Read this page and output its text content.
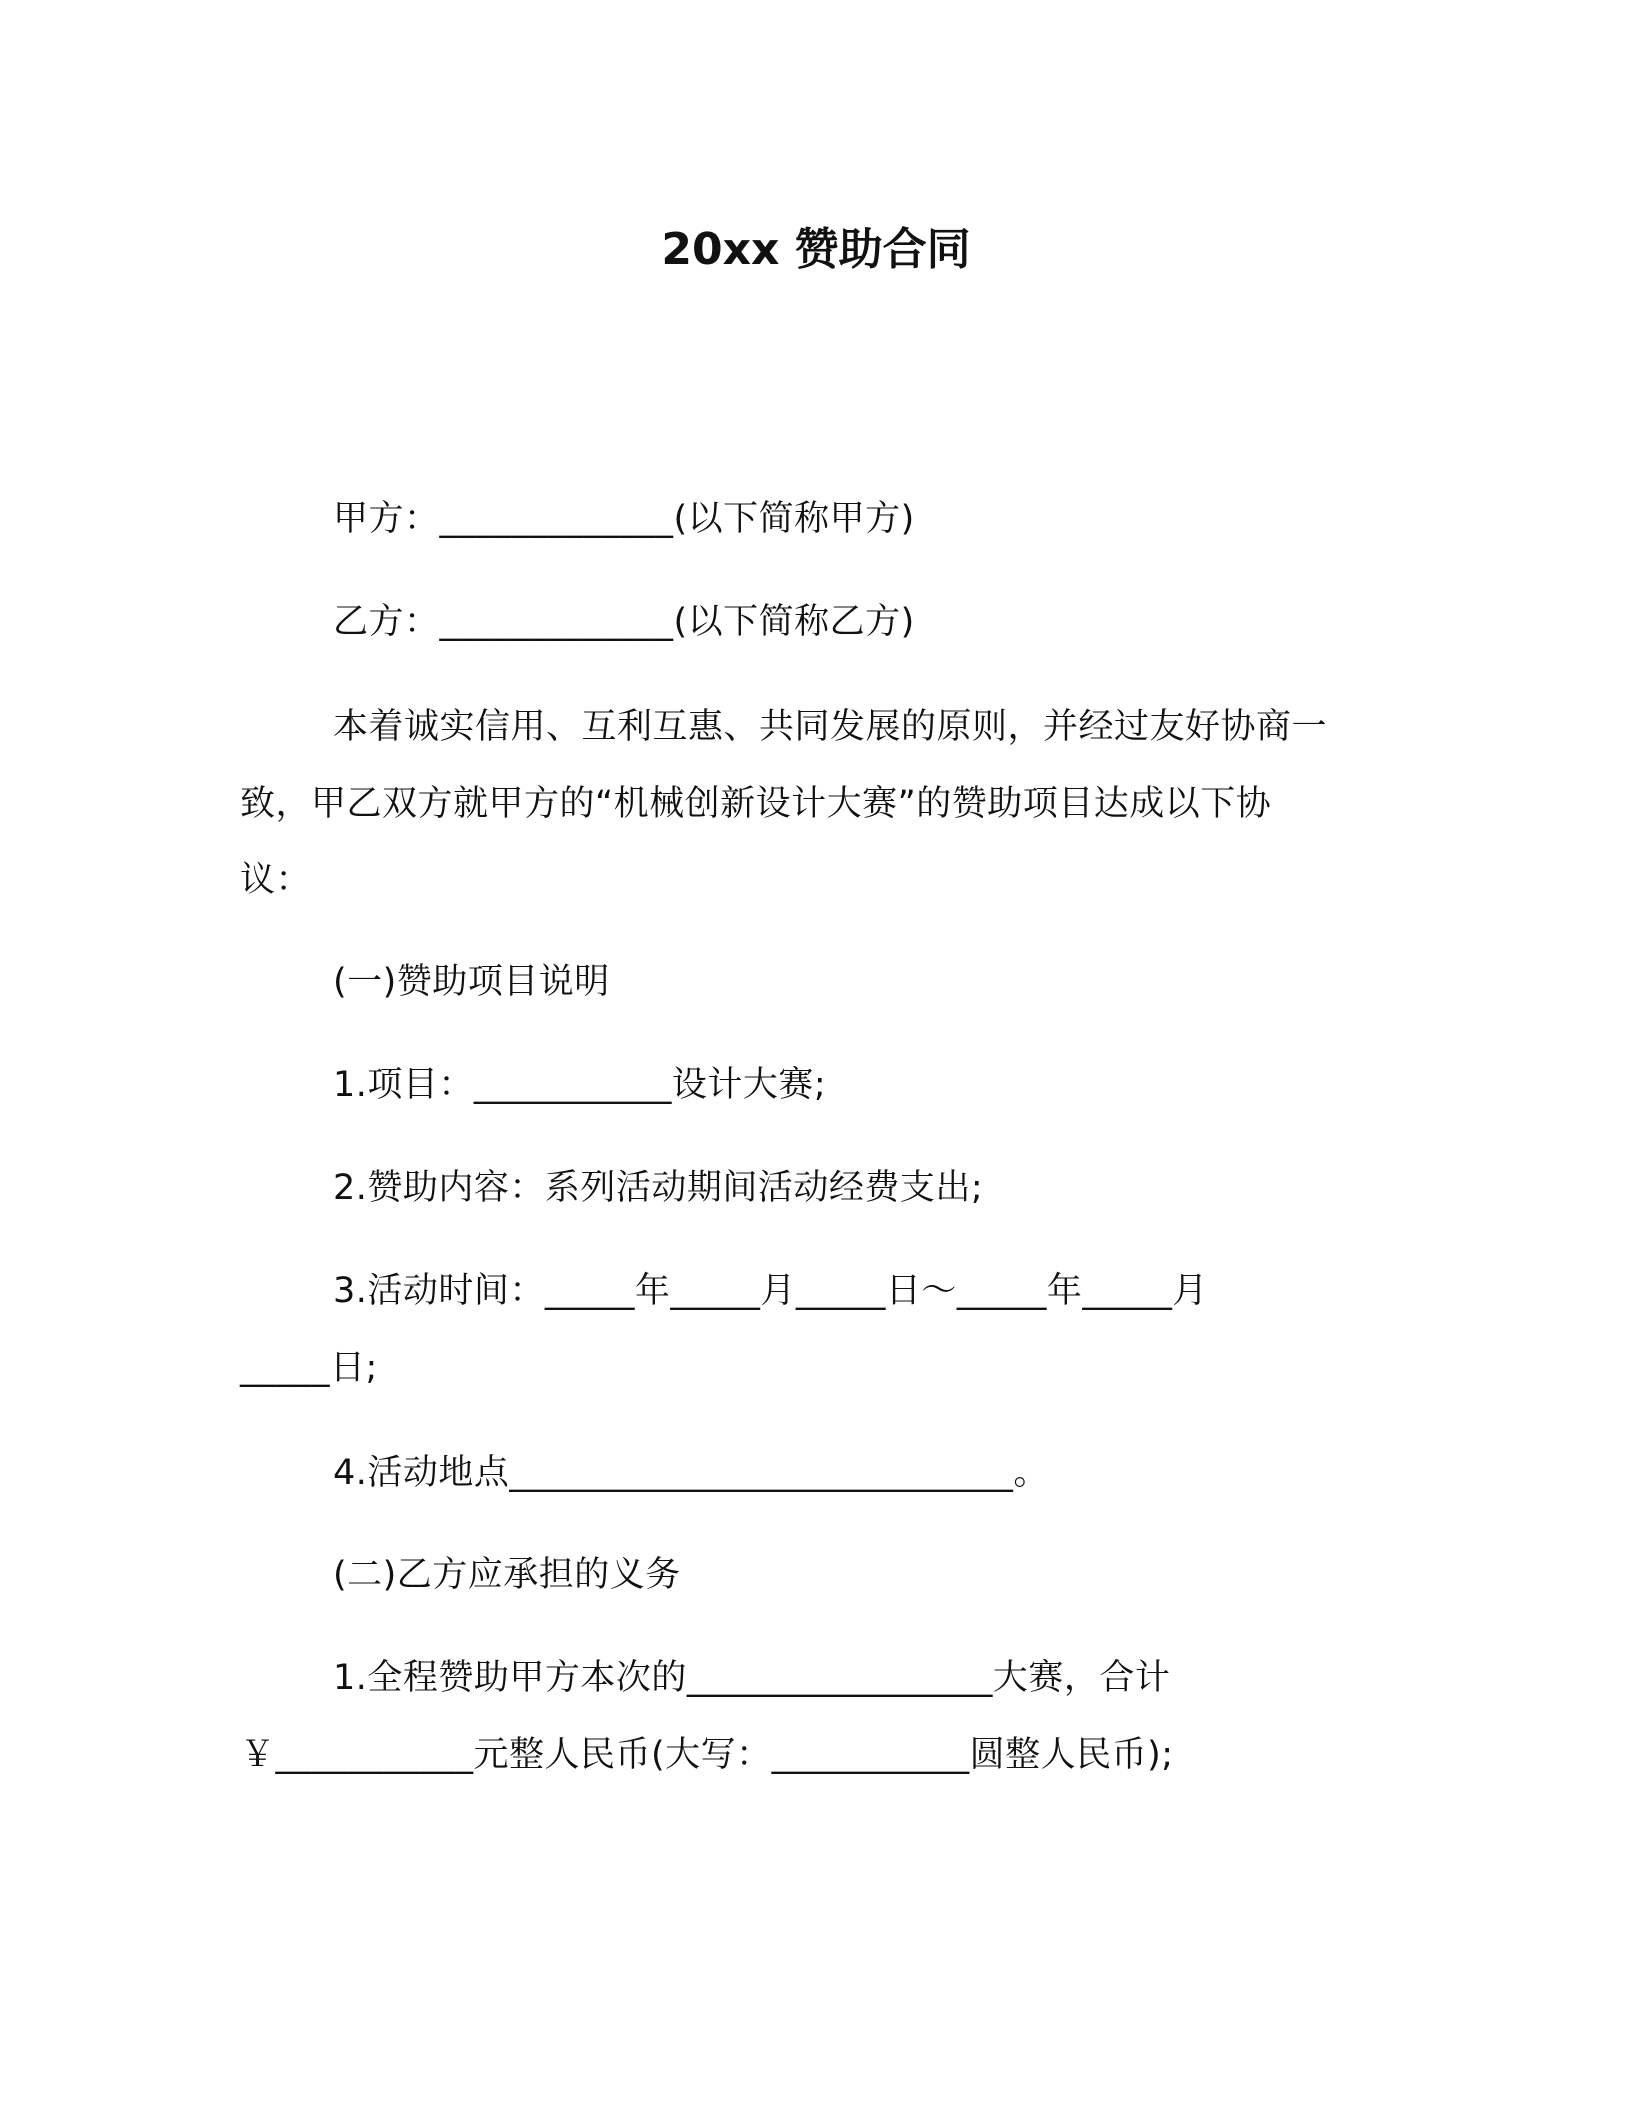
20xx 赞助合同
甲方：_____________(以下简称甲方)
乙方：_____________(以下简称乙方)
本着诚实信用、互利互惠、共同发展的原则，并经过友好协商一
致，甲乙双方就甲方的“机械创新设计大赛”的赞助项目达成以下协
议：
(一)赞助项目说明
1.项目：___________设计大赛;
2.赞助内容：系列活动期间活动经费支出;
3.活动时间：_____年_____月_____日～_____年_____月
_____日;
4.活动地点____________________________。
(二)乙方应承担的义务
1.全程赞助甲方本次的_________________大赛，合计
￥___________元整人民币(大写：___________圆整人民币);
